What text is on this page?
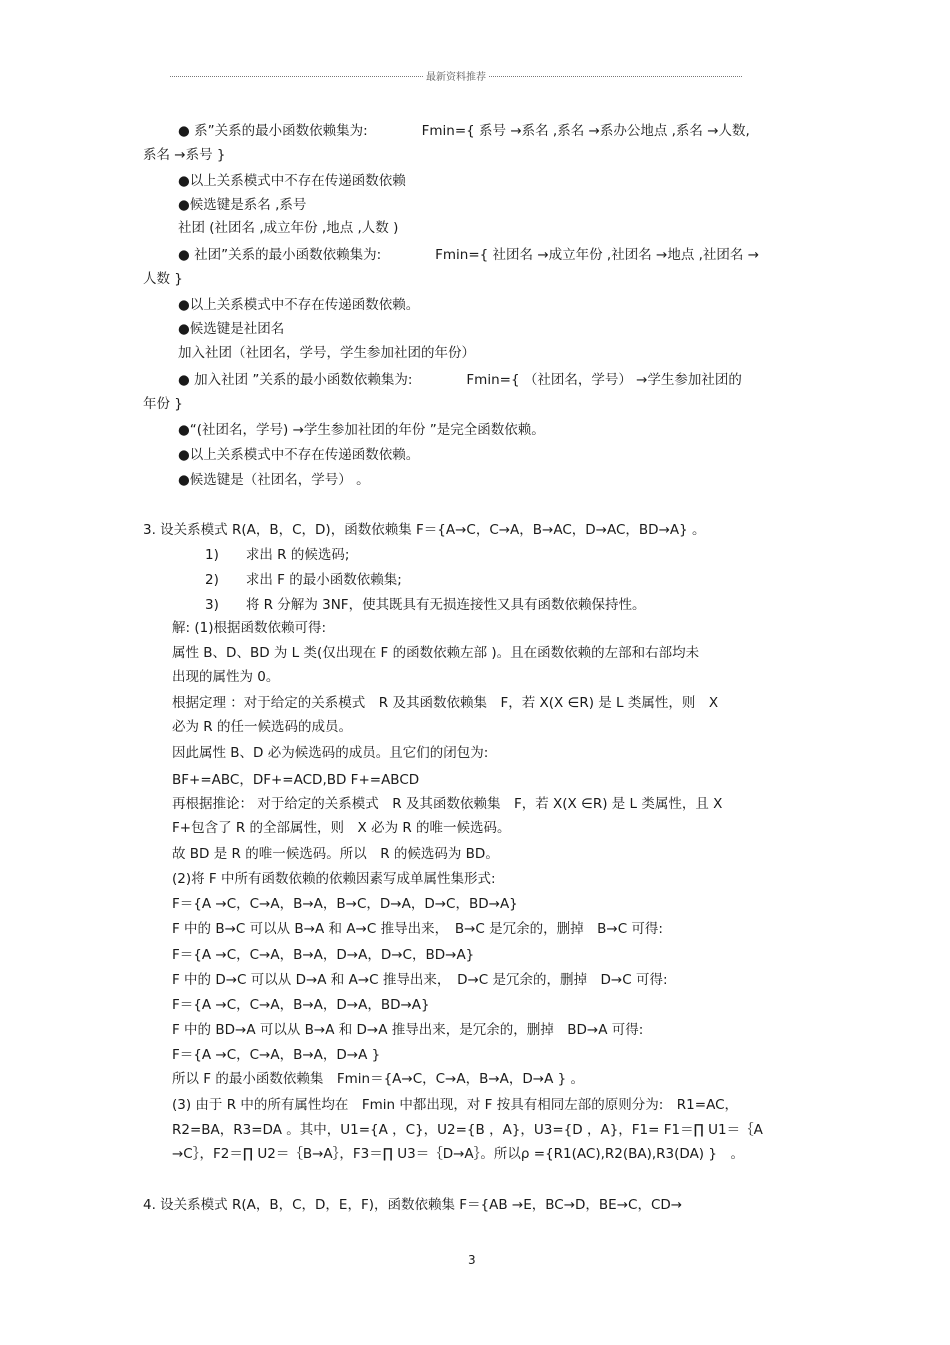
最新资料推荐
● 系”关系的最小函数依赖集为:　　　　Fmin={ 系号 →系名 ,系名 →系办公地点 ,系名 →人数,
系名 →系号 }
●以上关系模式中不存在传递函数依赖
●候选键是系名 ,系号
社团 (社团名 ,成立年份 ,地点 ,人数 )
● 社团”关系的最小函数依赖集为:　　　　Fmin={ 社团名 →成立年份 ,社团名 →地点 ,社团名 →
人数 }
●以上关系模式中不存在传递函数依赖。
●候选键是社团名
加入社团（社团名，学号，学生参加社团的年份）
● 加入社团 ”关系的最小函数依赖集为:　　　　Fmin={ （社团名，学号） →学生参加社团的
年份 }
●“(社团名，学号) →学生参加社团的年份 ”是完全函数依赖。
●以上关系模式中不存在传递函数依赖。
●候选键是（社团名，学号） 。
3. 设关系模式 R(A，B，C，D)，函数依赖集 F＝{A→C，C→A，B→AC，D→AC，BD→A} 。
1)　　求出 R 的候选码;
2)　　求出 F 的最小函数依赖集;
3)　　将 R 分解为 3NF，使其既具有无损连接性又具有函数依赖保持性。
解: (1)根据函数依赖可得:
属性 B、D、BD 为 L 类(仅出现在 F 的函数依赖左部 )。且在函数依赖的左部和右部均未
出现的属性为 0。
根据定理 ：对于给定的关系模式　R 及其函数依赖集　F，若 X(X ∈R) 是 L 类属性，则　X
必为 R 的任一候选码的成员。
因此属性 B、D 必为候选码的成员。且它们的闭包为:
BF+=ABC，DF+=ACD,BD F+=ABCD
再根据推论： 对于给定的关系模式　R 及其函数依赖集　F，若 X(X ∈R) 是 L 类属性，且 X
F+包含了 R 的全部属性，则　X 必为 R 的唯一候选码。
故 BD 是 R 的唯一候选码。所以　R 的候选码为 BD。
(2)将 F 中所有函数依赖的依赖因素写成单属性集形式:
F＝{A →C，C→A，B→A，B→C，D→A，D→C，BD→A}
F 中的 B→C 可以从 B→A 和 A→C 推导出来，　B→C 是冗余的，删掉　B→C 可得:
F＝{A →C，C→A，B→A，D→A，D→C，BD→A}
F 中的 D→C 可以从 D→A 和 A→C 推导出来，　D→C 是冗余的，删掉　D→C 可得:
F＝{A →C，C→A，B→A，D→A，BD→A}
F 中的 BD→A 可以从 B→A 和 D→A 推导出来，是冗余的，删掉　BD→A 可得:
F＝{A →C，C→A，B→A，D→A }
所以 F 的最小函数依赖集　Fmin＝{A→C，C→A，B→A，D→A } 。
(3) 由于 R 中的所有属性均在　Fmin 中都出现，对 F 按具有相同左部的原则分为:　R1=AC，
R2=BA，R3=DA 。其中，U1={A ，C}，U2={B ，A}，U3={D ，A}，F1= F1＝∏ U1＝｛A
→C｝，F2＝∏ U2＝｛B→A｝，F3＝∏ U3＝｛D→A｝。所以ρ ={R1(AC),R2(BA),R3(DA) }　。
4. 设关系模式 R(A，B，C，D，E，F)，函数依赖集 F＝{AB →E，BC→D，BE→C，CD→
3
